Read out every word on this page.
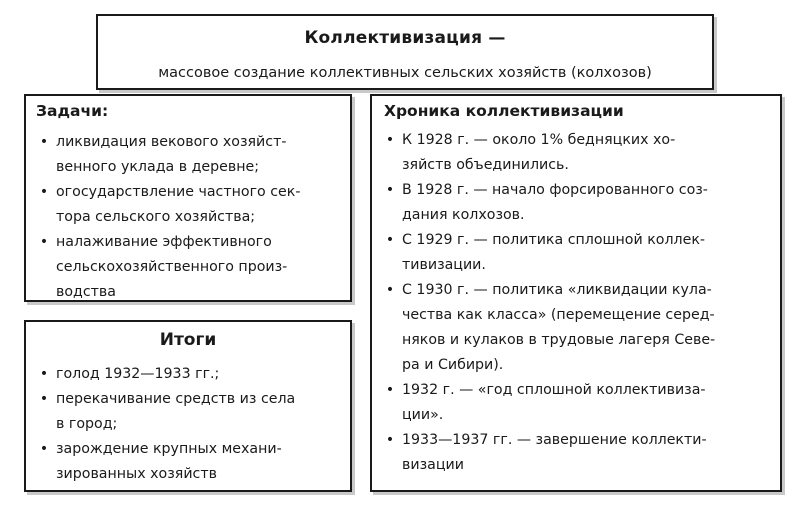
Коллективизация —
массовое создание коллективных сельских хозяйств (колхозов)
Задачи:
• ликвидация векового хозяйст-
венного уклада в деревне;
• огосударствление частного сек-
тора сельского хозяйства;
• налаживание эффективного
сельскохозяйственного произ-
водства
Итоги
• голод 1932—1933 гг.;
• перекачивание средств из села
в город;
• зарождение крупных механи-
зированных хозяйств
Хроника коллективизации
• К 1928 г. — около 1% бедняцких хо-
зяйств объединились.
• В 1928 г. — начало форсированного соз-
дания колхозов.
• С 1929 г. — политика сплошной коллек-
тивизации.
• С 1930 г. — политика «ликвидации кула-
чества как класса» (перемещение серед-
няков и кулаков в трудовые лагеря Севе-
ра и Сибири).
• 1932 г. — «год сплошной коллективиза-
ции».
• 1933—1937 гг. — завершение коллекти-
визации
